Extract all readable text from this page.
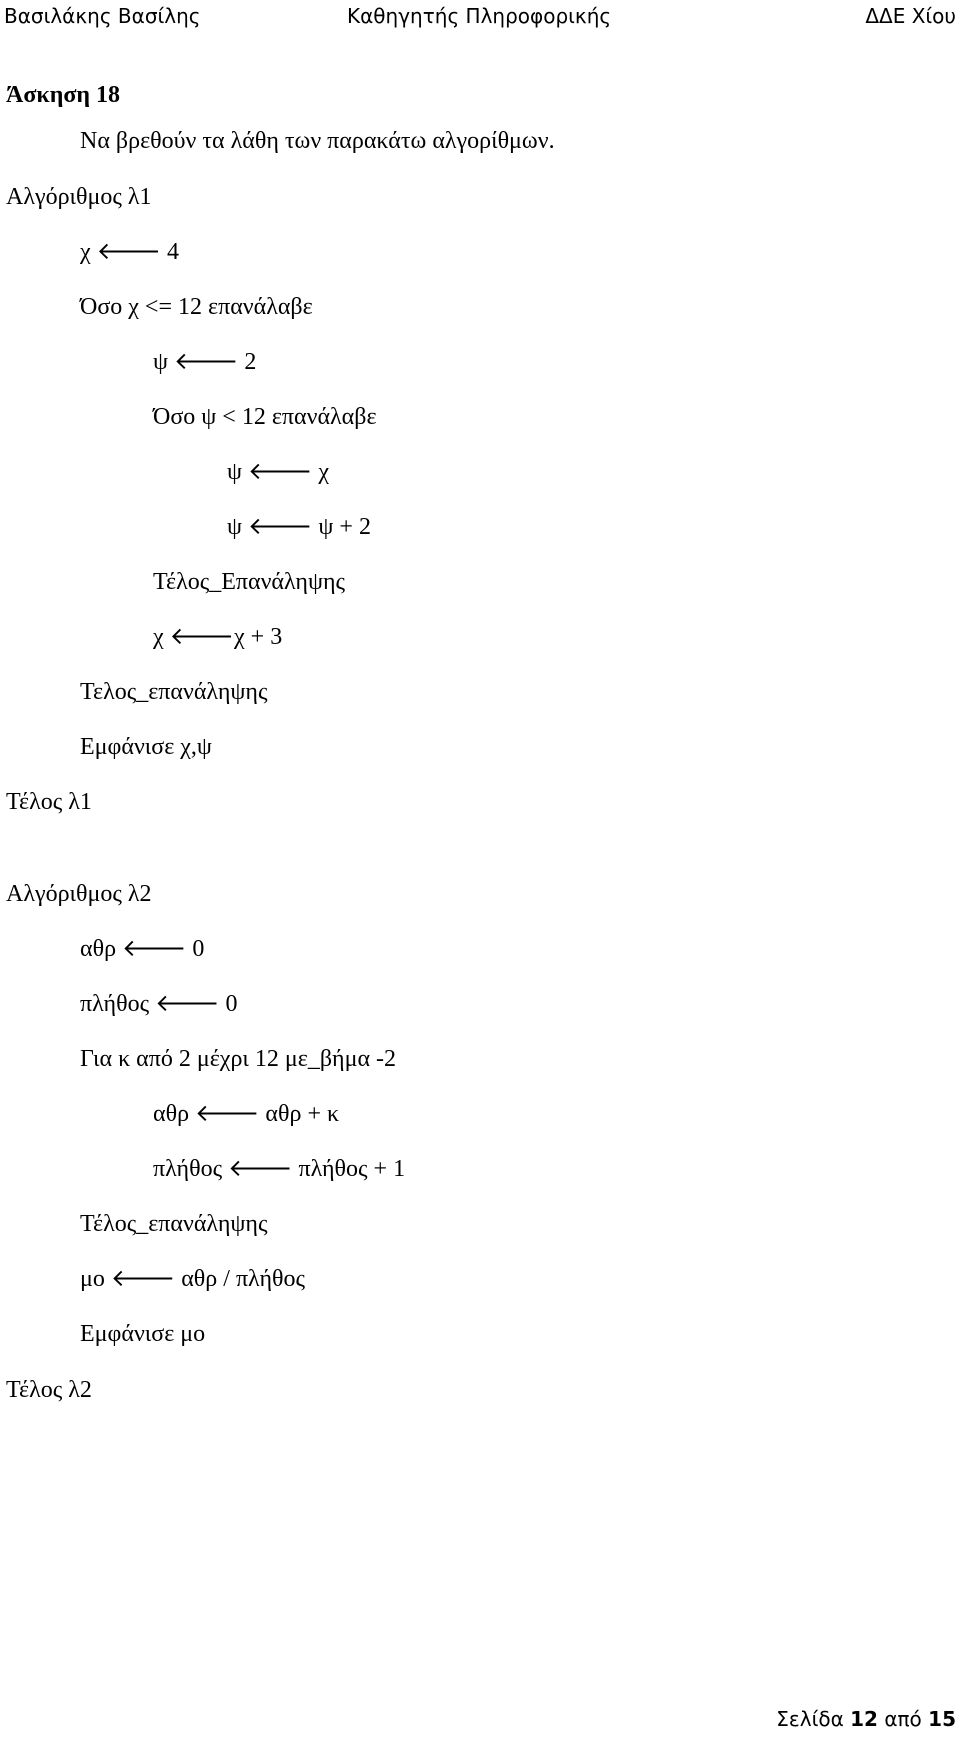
Βασιλάκης Βασίλης	Καθηγητής Πληροφορικής	ΔΔΕ Χίου
Άσκηση 18
Να βρεθούν τα λάθη των παρακάτω αλγορίθμων.
Αλγόριθμος λ1
χ 🡐 4
Όσο χ <= 12 επανάλαβε
ψ 🡐 2
Όσο ψ < 12 επανάλαβε
ψ 🡐 χ
ψ 🡐 ψ + 2
Τέλος_Επανάληψης
χ 🡐χ + 3
Τελος_επανάληψης
Εμφάνισε χ,ψ
Τέλος λ1
Αλγόριθμος λ2
αθρ 🡐 0
πλήθος 🡐 0
Για κ από 2 μέχρι 12 με_βήμα -2
αθρ 🡐 αθρ + κ
πλήθος 🡐 πλήθος + 1
Τέλος_επανάληψης
μο 🡐 αθρ / πλήθος
Εμφάνισε μο
Τέλος λ2
Σελίδα 12 από 15
